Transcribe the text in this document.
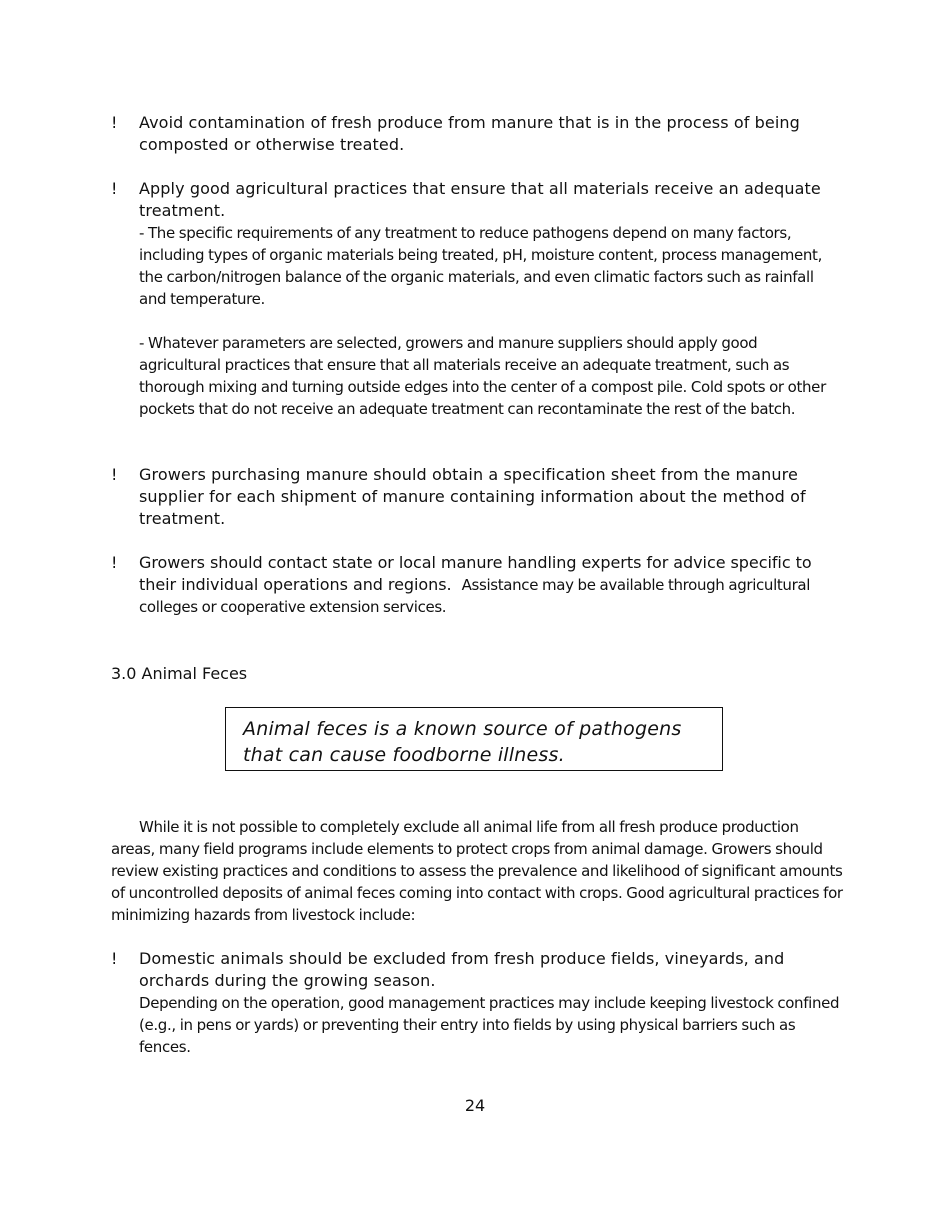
! Avoid contamination of fresh produce from manure that is in the process of being composted or otherwise treated.
! Apply good agricultural practices that ensure that all materials receive an adequate treatment.
- The specific requirements of any treatment to reduce pathogens depend on many factors, including types of organic materials being treated, pH, moisture content, process management, the carbon/nitrogen balance of the organic materials, and even climatic factors such as rainfall and temperature.
- Whatever parameters are selected, growers and manure suppliers should apply good agricultural practices that ensure that all materials receive an adequate treatment, such as thorough mixing and turning outside edges into the center of a compost pile. Cold spots or other pockets that do not receive an adequate treatment can recontaminate the rest of the batch.
! Growers purchasing manure should obtain a specification sheet from the manure supplier for each shipment of manure containing information about the method of treatment.
! Growers should contact state or local manure handling experts for advice specific to their individual operations and regions. Assistance may be available through agricultural colleges or cooperative extension services.
3.0 Animal Feces
Animal feces is a known source of pathogens that can cause foodborne illness.
While it is not possible to completely exclude all animal life from all fresh produce production areas, many field programs include elements to protect crops from animal damage. Growers should review existing practices and conditions to assess the prevalence and likelihood of significant amounts of uncontrolled deposits of animal feces coming into contact with crops. Good agricultural practices for minimizing hazards from livestock include:
! Domestic animals should be excluded from fresh produce fields, vineyards, and orchards during the growing season.
Depending on the operation, good management practices may include keeping livestock confined (e.g., in pens or yards) or preventing their entry into fields by using physical barriers such as fences.
24
